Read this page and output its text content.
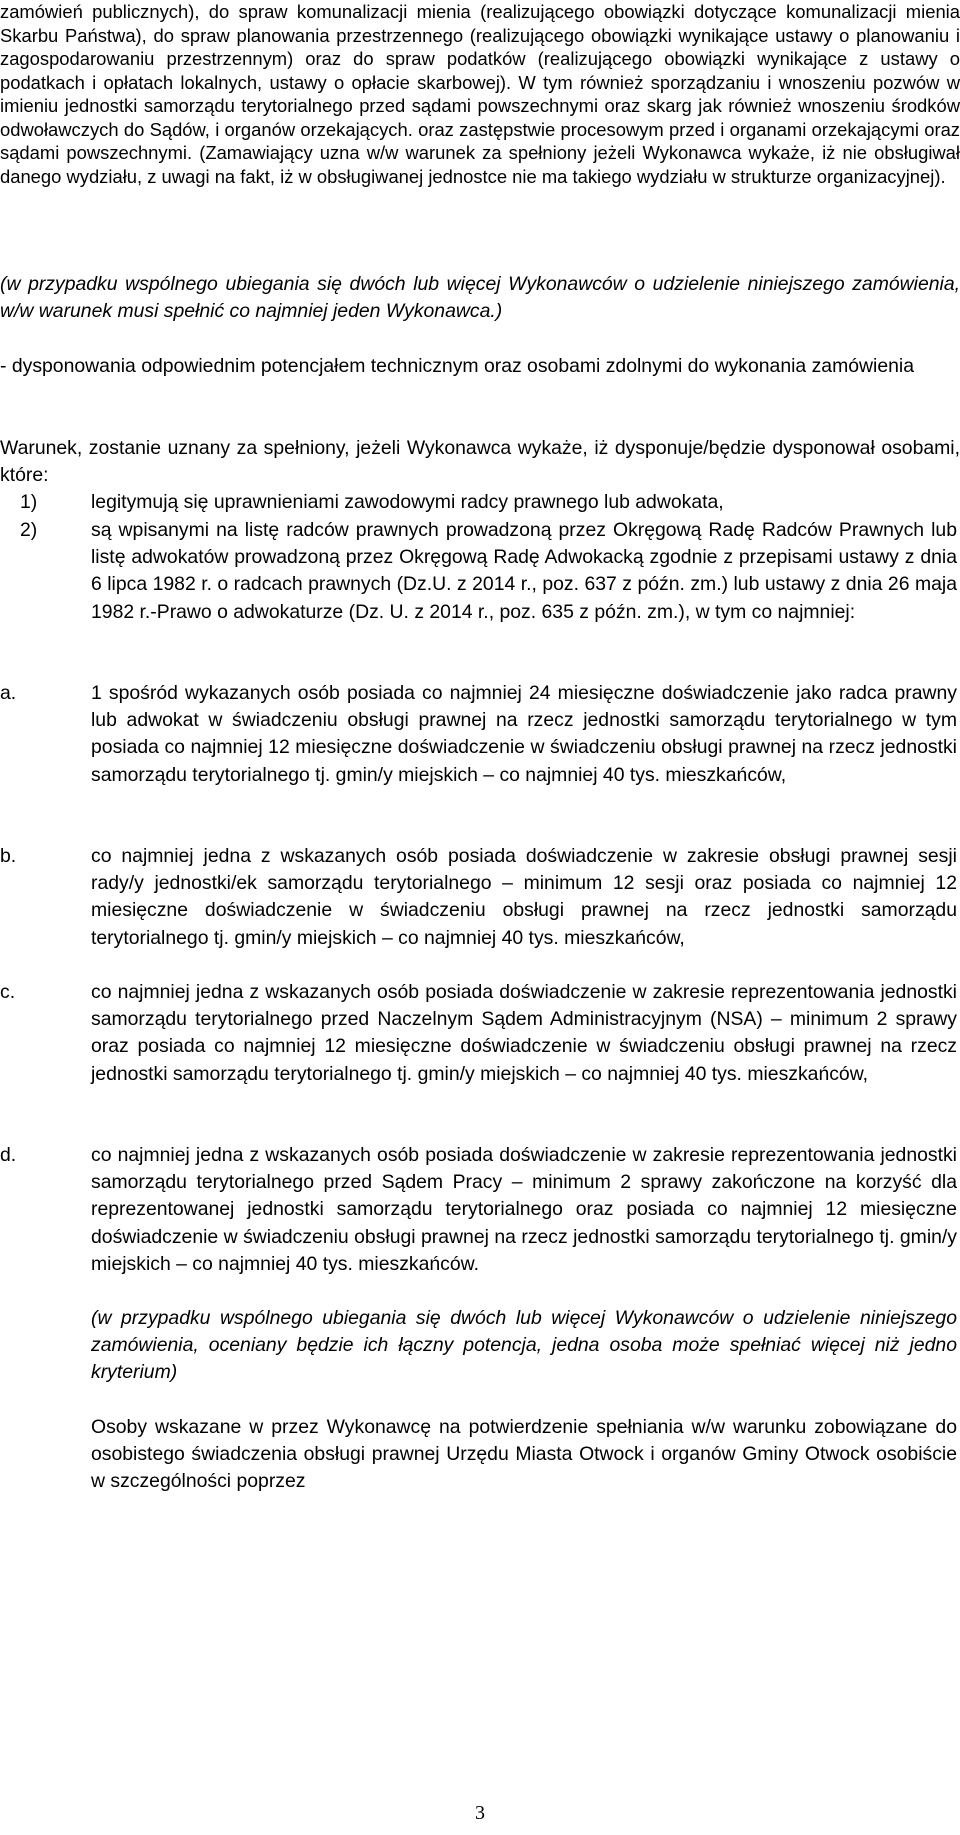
zamówień publicznych), do spraw komunalizacji mienia (realizującego obowiązki dotyczące komunalizacji mienia Skarbu Państwa), do spraw planowania przestrzennego (realizującego obowiązki wynikające ustawy o planowaniu i zagospodarowaniu przestrzennym) oraz do spraw podatków (realizującego obowiązki wynikające z ustawy o podatkach i opłatach lokalnych, ustawy o opłacie skarbowej). W tym również sporządzaniu i wnoszeniu pozwów w imieniu jednostki samorządu terytorialnego przed sądami powszechnymi oraz skarg jak również wnoszeniu środków odwoławczych do Sądów, i organów orzekających. oraz zastępstwie procesowym przed i organami orzekającymi oraz sądami powszechnymi. (Zamawiający uzna w/w warunek za spełniony jeżeli Wykonawca wykaże, iż nie obsługiwał danego wydziału, z uwagi na fakt, iż w obsługiwanej jednostce nie ma takiego wydziału w strukturze organizacyjnej).
(w przypadku wspólnego ubiegania się dwóch lub więcej Wykonawców o udzielenie niniejszego zamówienia, w/w warunek musi spełnić co najmniej jeden Wykonawca.)
- dysponowania odpowiednim potencjałem technicznym oraz osobami zdolnymi do wykonania zamówienia
Warunek, zostanie uznany za spełniony, jeżeli Wykonawca wykaże, iż dysponuje/będzie dysponował osobami, które:
1)	legitymują się uprawnieniami zawodowymi radcy prawnego lub adwokata,
2)	są wpisanymi na listę radców prawnych prowadzoną przez Okręgową Radę Radców Prawnych lub listę adwokatów prowadzoną przez Okręgową Radę Adwokacką zgodnie z przepisami ustawy z dnia 6 lipca 1982 r. o radcach prawnych (Dz.U. z 2014 r., poz. 637 z późn. zm.) lub ustawy z dnia 26 maja 1982 r.-Prawo o adwokaturze (Dz. U. z 2014 r., poz. 635 z późn. zm.), w tym co najmniej:
a.	1 spośród wykazanych osób posiada co najmniej 24 miesięczne doświadczenie jako radca prawny lub adwokat w świadczeniu obsługi prawnej na rzecz jednostki samorządu terytorialnego w tym posiada co najmniej 12 miesięczne doświadczenie w świadczeniu obsługi prawnej na rzecz jednostki samorządu terytorialnego tj. gmin/y miejskich – co najmniej 40 tys. mieszkańców,
b.	co najmniej jedna z wskazanych osób posiada doświadczenie w zakresie obsługi prawnej sesji rady/y jednostki/ek samorządu terytorialnego – minimum 12 sesji oraz posiada co najmniej 12 miesięczne doświadczenie w świadczeniu obsługi prawnej na rzecz jednostki samorządu terytorialnego tj. gmin/y miejskich – co najmniej 40 tys. mieszkańców,
c.	co najmniej jedna z wskazanych osób posiada doświadczenie w zakresie reprezentowania jednostki samorządu terytorialnego przed Naczelnym Sądem Administracyjnym (NSA) – minimum 2 sprawy oraz posiada co najmniej 12 miesięczne doświadczenie w świadczeniu obsługi prawnej na rzecz jednostki samorządu terytorialnego tj. gmin/y miejskich – co najmniej 40 tys. mieszkańców,
d.	co najmniej jedna z wskazanych osób posiada doświadczenie w zakresie reprezentowania jednostki samorządu terytorialnego przed Sądem Pracy – minimum 2 sprawy zakończone na korzyść dla reprezentowanej jednostki samorządu terytorialnego oraz posiada co najmniej 12 miesięczne doświadczenie w świadczeniu obsługi prawnej na rzecz jednostki samorządu terytorialnego tj. gmin/y miejskich – co najmniej 40 tys. mieszkańców.
(w przypadku wspólnego ubiegania się dwóch lub więcej Wykonawców o udzielenie niniejszego zamówienia, oceniany będzie ich łączny potencja, jedna osoba może spełniać więcej niż jedno kryterium)
Osoby wskazane w przez Wykonawcę na potwierdzenie spełniania w/w warunku zobowiązane do osobistego świadczenia obsługi prawnej Urzędu Miasta Otwock i organów Gminy Otwock osobiście w szczególności poprzez
3
